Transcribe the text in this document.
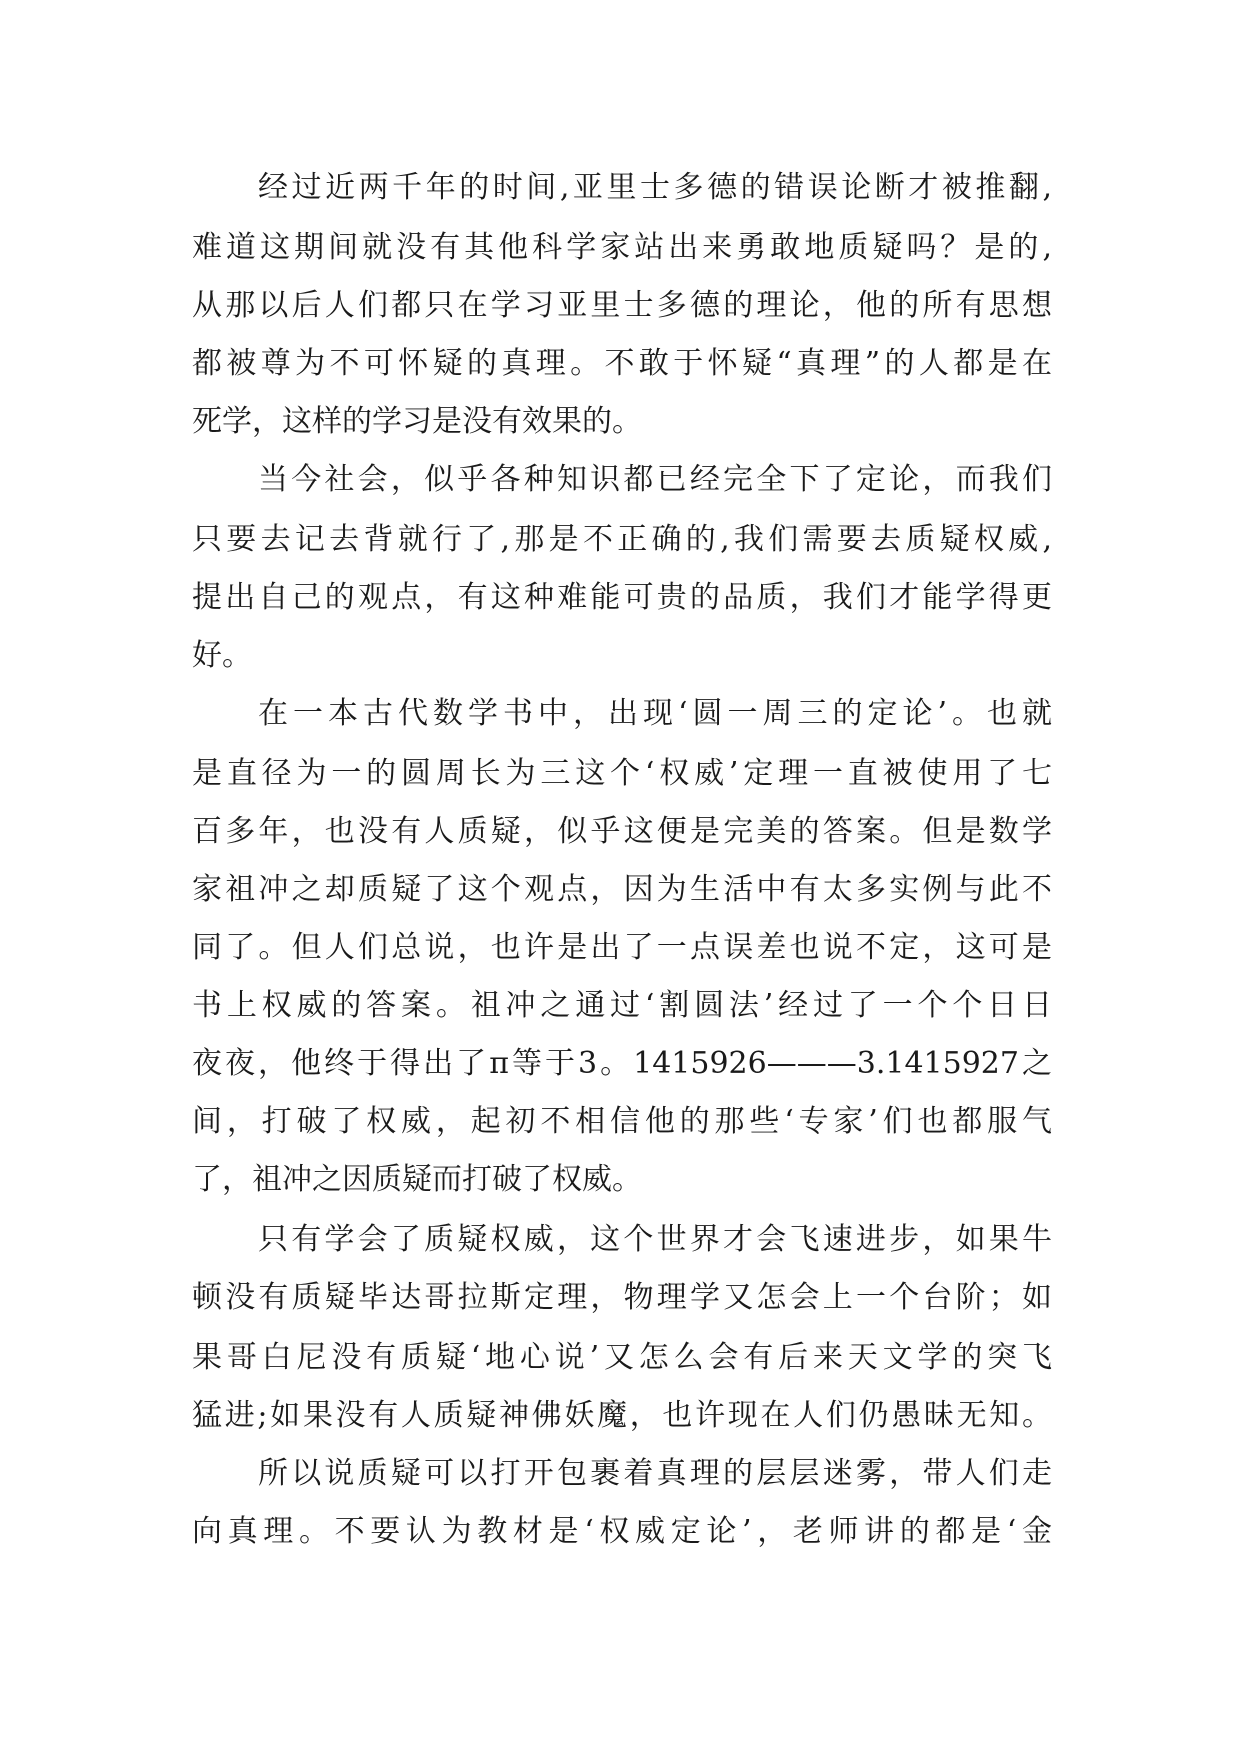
经过近两千年的时间,亚里士多德的错误论断才被推翻,
难道这期间就没有其他科学家站出来勇敢地质疑吗？是的,
从那以后人们都只在学习亚里士多德的理论，他的所有思想
都被尊为不可怀疑的真理。不敢于怀疑“真理”的人都是在
死学，这样的学习是没有效果的。
当今社会，似乎各种知识都已经完全下了定论，而我们
只要去记去背就行了,那是不正确的,我们需要去质疑权威,
提出自己的观点，有这种难能可贵的品质，我们才能学得更
好。
在一本古代数学书中，出现‘圆一周三的定论’。也就
是直径为一的圆周长为三这个‘权威’定理一直被使用了七
百多年，也没有人质疑，似乎这便是完美的答案。但是数学
家祖冲之却质疑了这个观点，因为生活中有太多实例与此不
同了。但人们总说，也许是出了一点误差也说不定，这可是
书上权威的答案。祖冲之通过‘割圆法’经过了一个个日日
夜夜，他终于得出了π等于3。1415926———3.1415927之
间，打破了权威，起初不相信他的那些‘专家’们也都服气
了，祖冲之因质疑而打破了权威。
只有学会了质疑权威，这个世界才会飞速进步，如果牛
顿没有质疑毕达哥拉斯定理，物理学又怎会上一个台阶；如
果哥白尼没有质疑‘地心说’又怎么会有后来天文学的突飞
猛进;如果没有人质疑神佛妖魔，也许现在人们仍愚昧无知。
所以说质疑可以打开包裹着真理的层层迷雾，带人们走
向真理。不要认为教材是‘权威定论’，老师讲的都是‘金
